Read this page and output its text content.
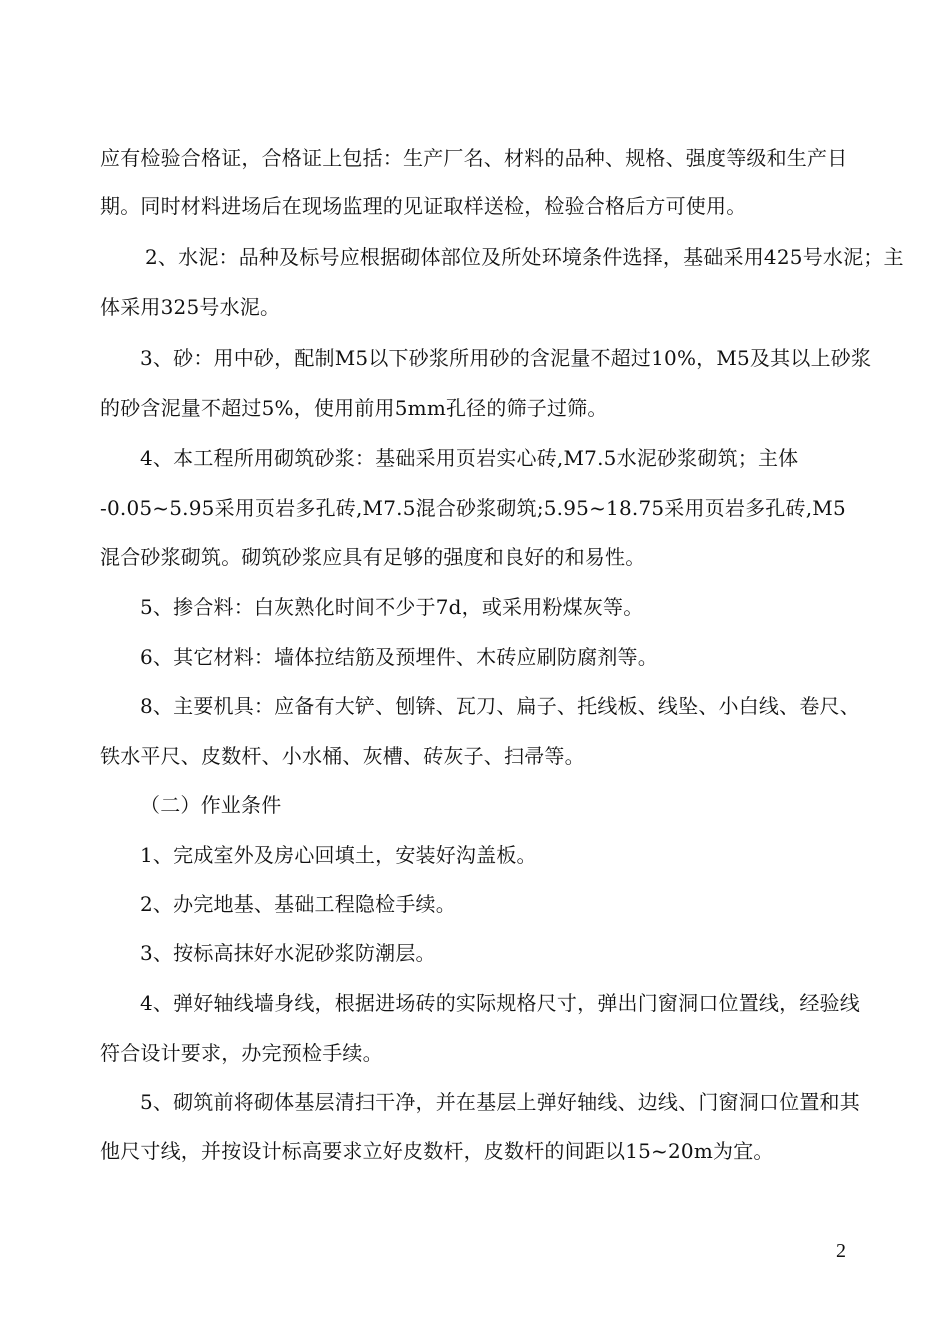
应有检验合格证，合格证上包括：生产厂名、材料的品种、规格、强度等级和生产日
期。同时材料进场后在现场监理的见证取样送检，检验合格后方可使用。
2、水泥：品种及标号应根据砌体部位及所处环境条件选择，基础采用425号水泥；主
体采用325号水泥。
3、砂：用中砂，配制M5以下砂浆所用砂的含泥量不超过10%，M5及其以上砂浆
的砂含泥量不超过5%，使用前用5mm孔径的筛子过筛。
4、本工程所用砌筑砂浆：基础采用页岩实心砖,M7.5水泥砂浆砌筑；主体
-0.05~5.95采用页岩多孔砖,M7.5混合砂浆砌筑;5.95~18.75采用页岩多孔砖,M5
混合砂浆砌筑。砌筑砂浆应具有足够的强度和良好的和易性。
5、掺合料：白灰熟化时间不少于7d，或采用粉煤灰等。
6、其它材料：墙体拉结筋及预埋件、木砖应刷防腐剂等。
8、主要机具：应备有大铲、刨锛、瓦刀、扁子、托线板、线坠、小白线、卷尺、
铁水平尺、皮数杆、小水桶、灰槽、砖灰子、扫帚等。
（二）作业条件
1、完成室外及房心回填土，安装好沟盖板。
2、办完地基、基础工程隐检手续。
3、按标高抹好水泥砂浆防潮层。
4、弹好轴线墙身线，根据进场砖的实际规格尺寸，弹出门窗洞口位置线，经验线
符合设计要求，办完预检手续。
5、砌筑前将砌体基层清扫干净，并在基层上弹好轴线、边线、门窗洞口位置和其
他尺寸线，并按设计标高要求立好皮数杆，皮数杆的间距以15~20m为宜。
2
